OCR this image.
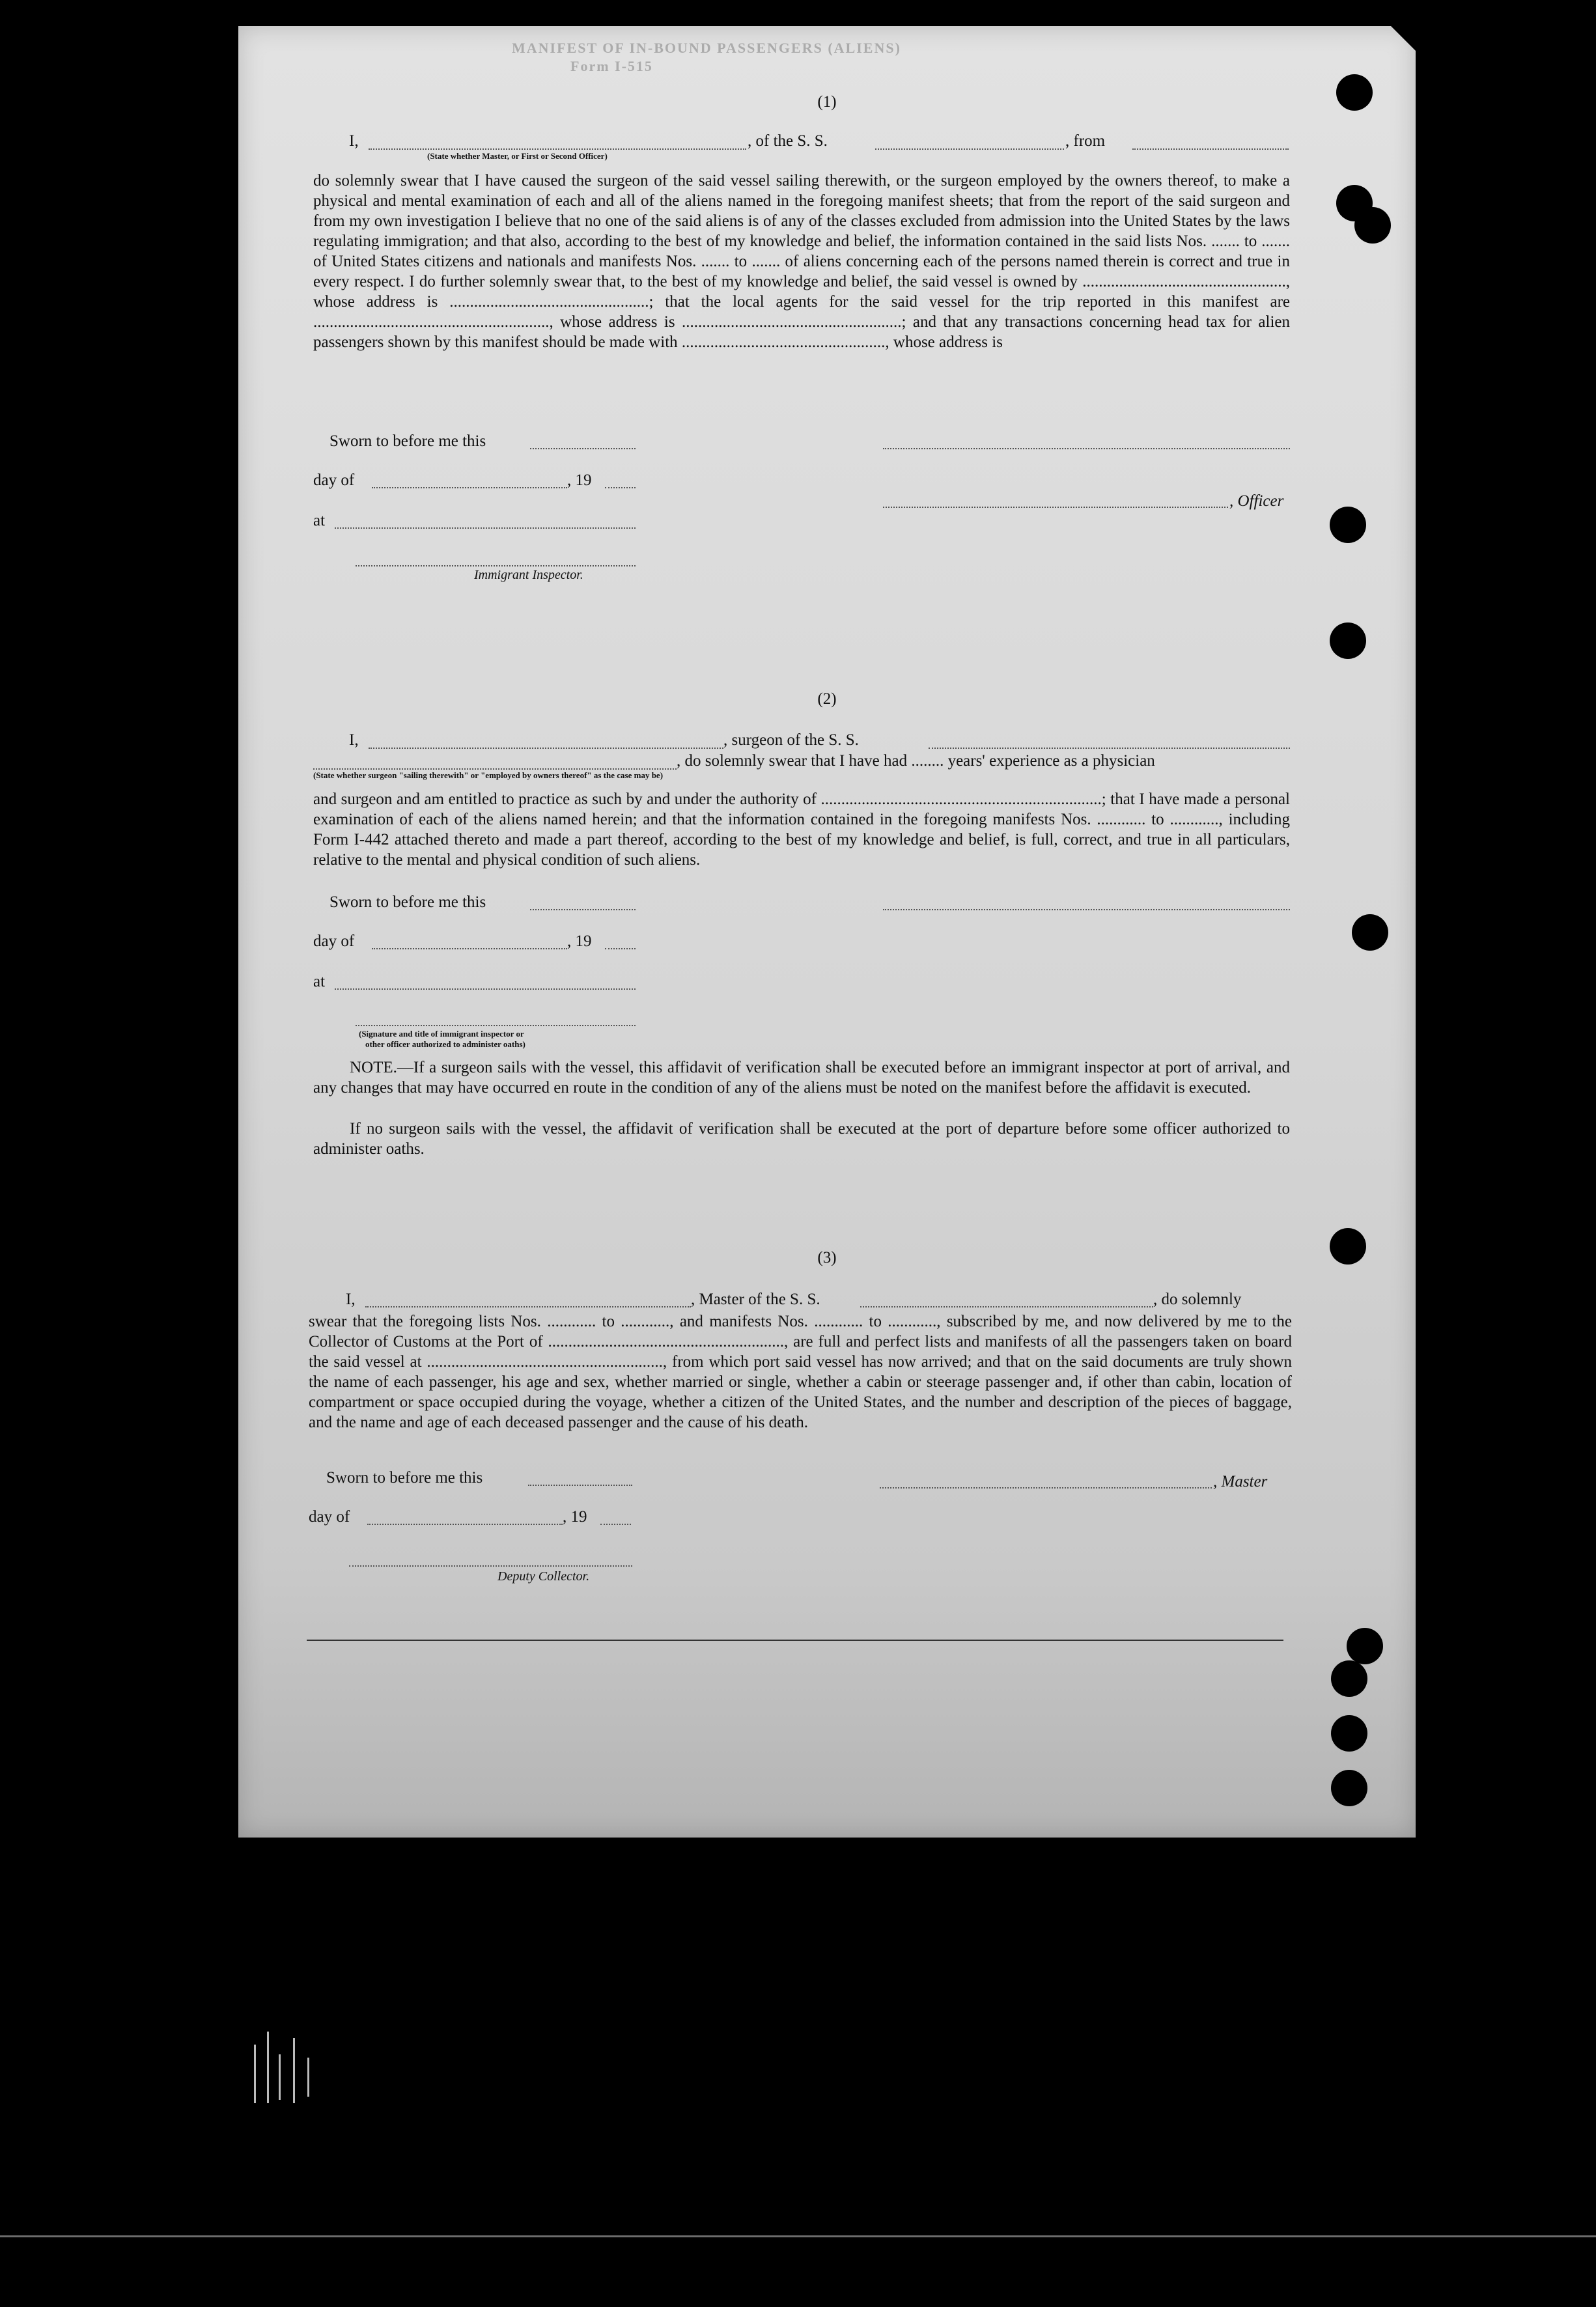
MANIFEST OF IN-BOUND PASSENGERS (ALIENS)
Form I-515
(1)
I,	, of the S. S.	, from
(State whether Master, or First or Second Officer)
do solemnly swear that I have caused the surgeon of the said vessel sailing therewith, or the surgeon employed by the owners thereof, to make a physical and mental examination of each and all of the aliens named in the foregoing manifest sheets; that from the report of the said surgeon and from my own investigation I believe that no one of the said aliens is of any of the classes excluded from admission into the United States by the laws regulating immigration; and that also, according to the best of my knowledge and belief, the information contained in the said lists Nos. ....... to ....... of United States citizens and nationals and manifests Nos. ....... to ....... of aliens concerning each of the persons named therein is correct and true in every respect. I do further solemnly swear that, to the best of my knowledge and belief, the said vessel is owned by .................................................., whose address is .................................................; that the local agents for the said vessel for the trip reported in this manifest are .........................................................., whose address is ......................................................; and that any transactions concerning head tax for alien passengers shown by this manifest should be made with .................................................., whose address is
Sworn to before me this
day of	, 19
, Officer
at
Immigrant Inspector.
(2)
I,	, surgeon of the S. S.
, do solemnly swear that I have had ........ years' experience as a physician
(State whether surgeon "sailing therewith" or "employed by owners thereof" as the case may be)
and surgeon and am entitled to practice as such by and under the authority of .....................................................................; that I have made a personal examination of each of the aliens named herein; and that the information contained in the foregoing manifests Nos. ............ to ............, including Form I-442 attached thereto and made a part thereof, according to the best of my knowledge and belief, is full, correct, and true in all particulars, relative to the mental and physical condition of such aliens.
Sworn to before me this
day of	, 19
at
(Signature and title of immigrant inspector or
other officer authorized to administer oaths)
NOTE.—If a surgeon sails with the vessel, this affidavit of verification shall be executed before an immigrant inspector at port of arrival, and any changes that may have occurred en route in the condition of any of the aliens must be noted on the manifest before the affidavit is executed.
If no surgeon sails with the vessel, the affidavit of verification shall be executed at the port of departure before some officer authorized to administer oaths.
(3)
I,	, Master of the S. S.	, do solemnly
swear that the foregoing lists Nos. ............ to ............, and manifests Nos. ............ to ............, subscribed by me, and now delivered by me to the Collector of Customs at the Port of .........................................................., are full and perfect lists and manifests of all the passengers taken on board the said vessel at .........................................................., from which port said vessel has now arrived; and that on the said documents are truly shown the name of each passenger, his age and sex, whether married or single, whether a cabin or steerage passenger and, if other than cabin, location of compartment or space occupied during the voyage, whether a citizen of the United States, and the number and description of the pieces of baggage, and the name and age of each deceased passenger and the cause of his death.
Sworn to before me this	, Master
day of	, 19
Deputy Collector.
